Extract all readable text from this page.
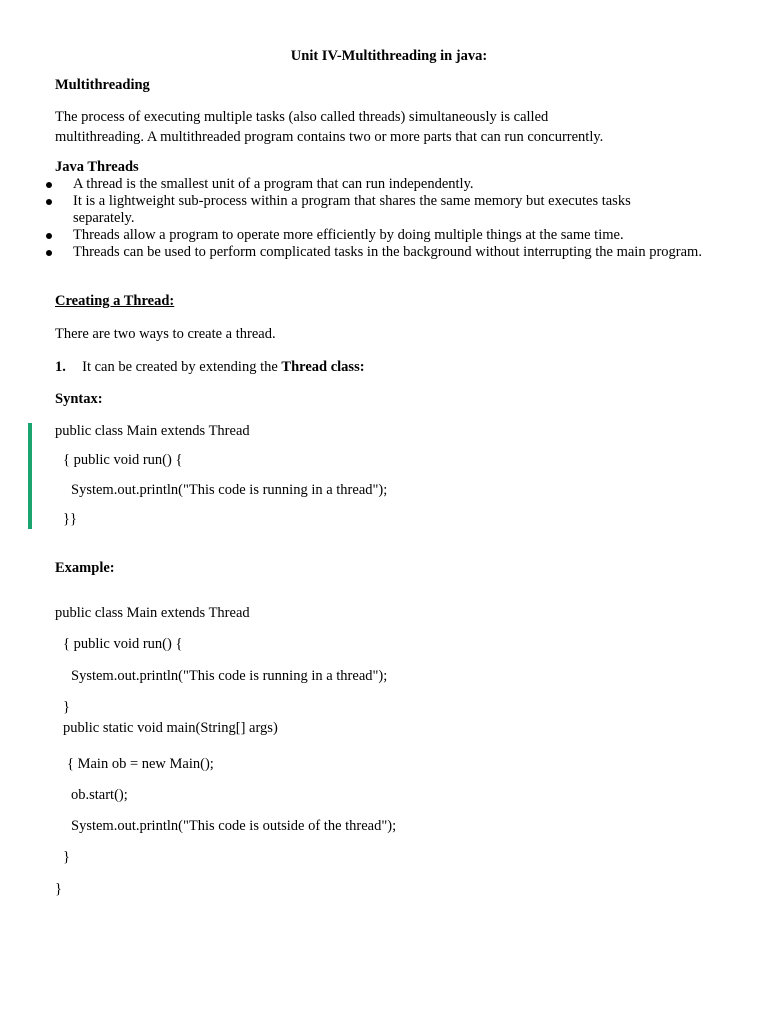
Unit IV-Multithreading in java:
Multithreading
The process of executing multiple tasks (also called threads) simultaneously is called
multithreading. A multithreaded program contains two or more parts that can run concurrently.
Java Threads
A thread is the smallest unit of a program that can run independently.
It is a lightweight sub-process within a program that shares the same memory but executes tasks separately.
Threads allow a program to operate more efficiently by doing multiple things at the same time.
Threads can be used to perform complicated tasks in the background without interrupting the main program.
Creating a Thread:
There are two ways to create a thread.
1. It can be created by extending the Thread class:
Syntax:
public class Main extends Thread
{ public void run() {
System.out.println("This code is running in a thread");
}}
Example:
public class Main extends Thread
{ public void run() {
System.out.println("This code is running in a thread");
}
public static void main(String[] args)
{ Main ob = new Main();
ob.start();
System.out.println("This code is outside of the thread");
}
}
